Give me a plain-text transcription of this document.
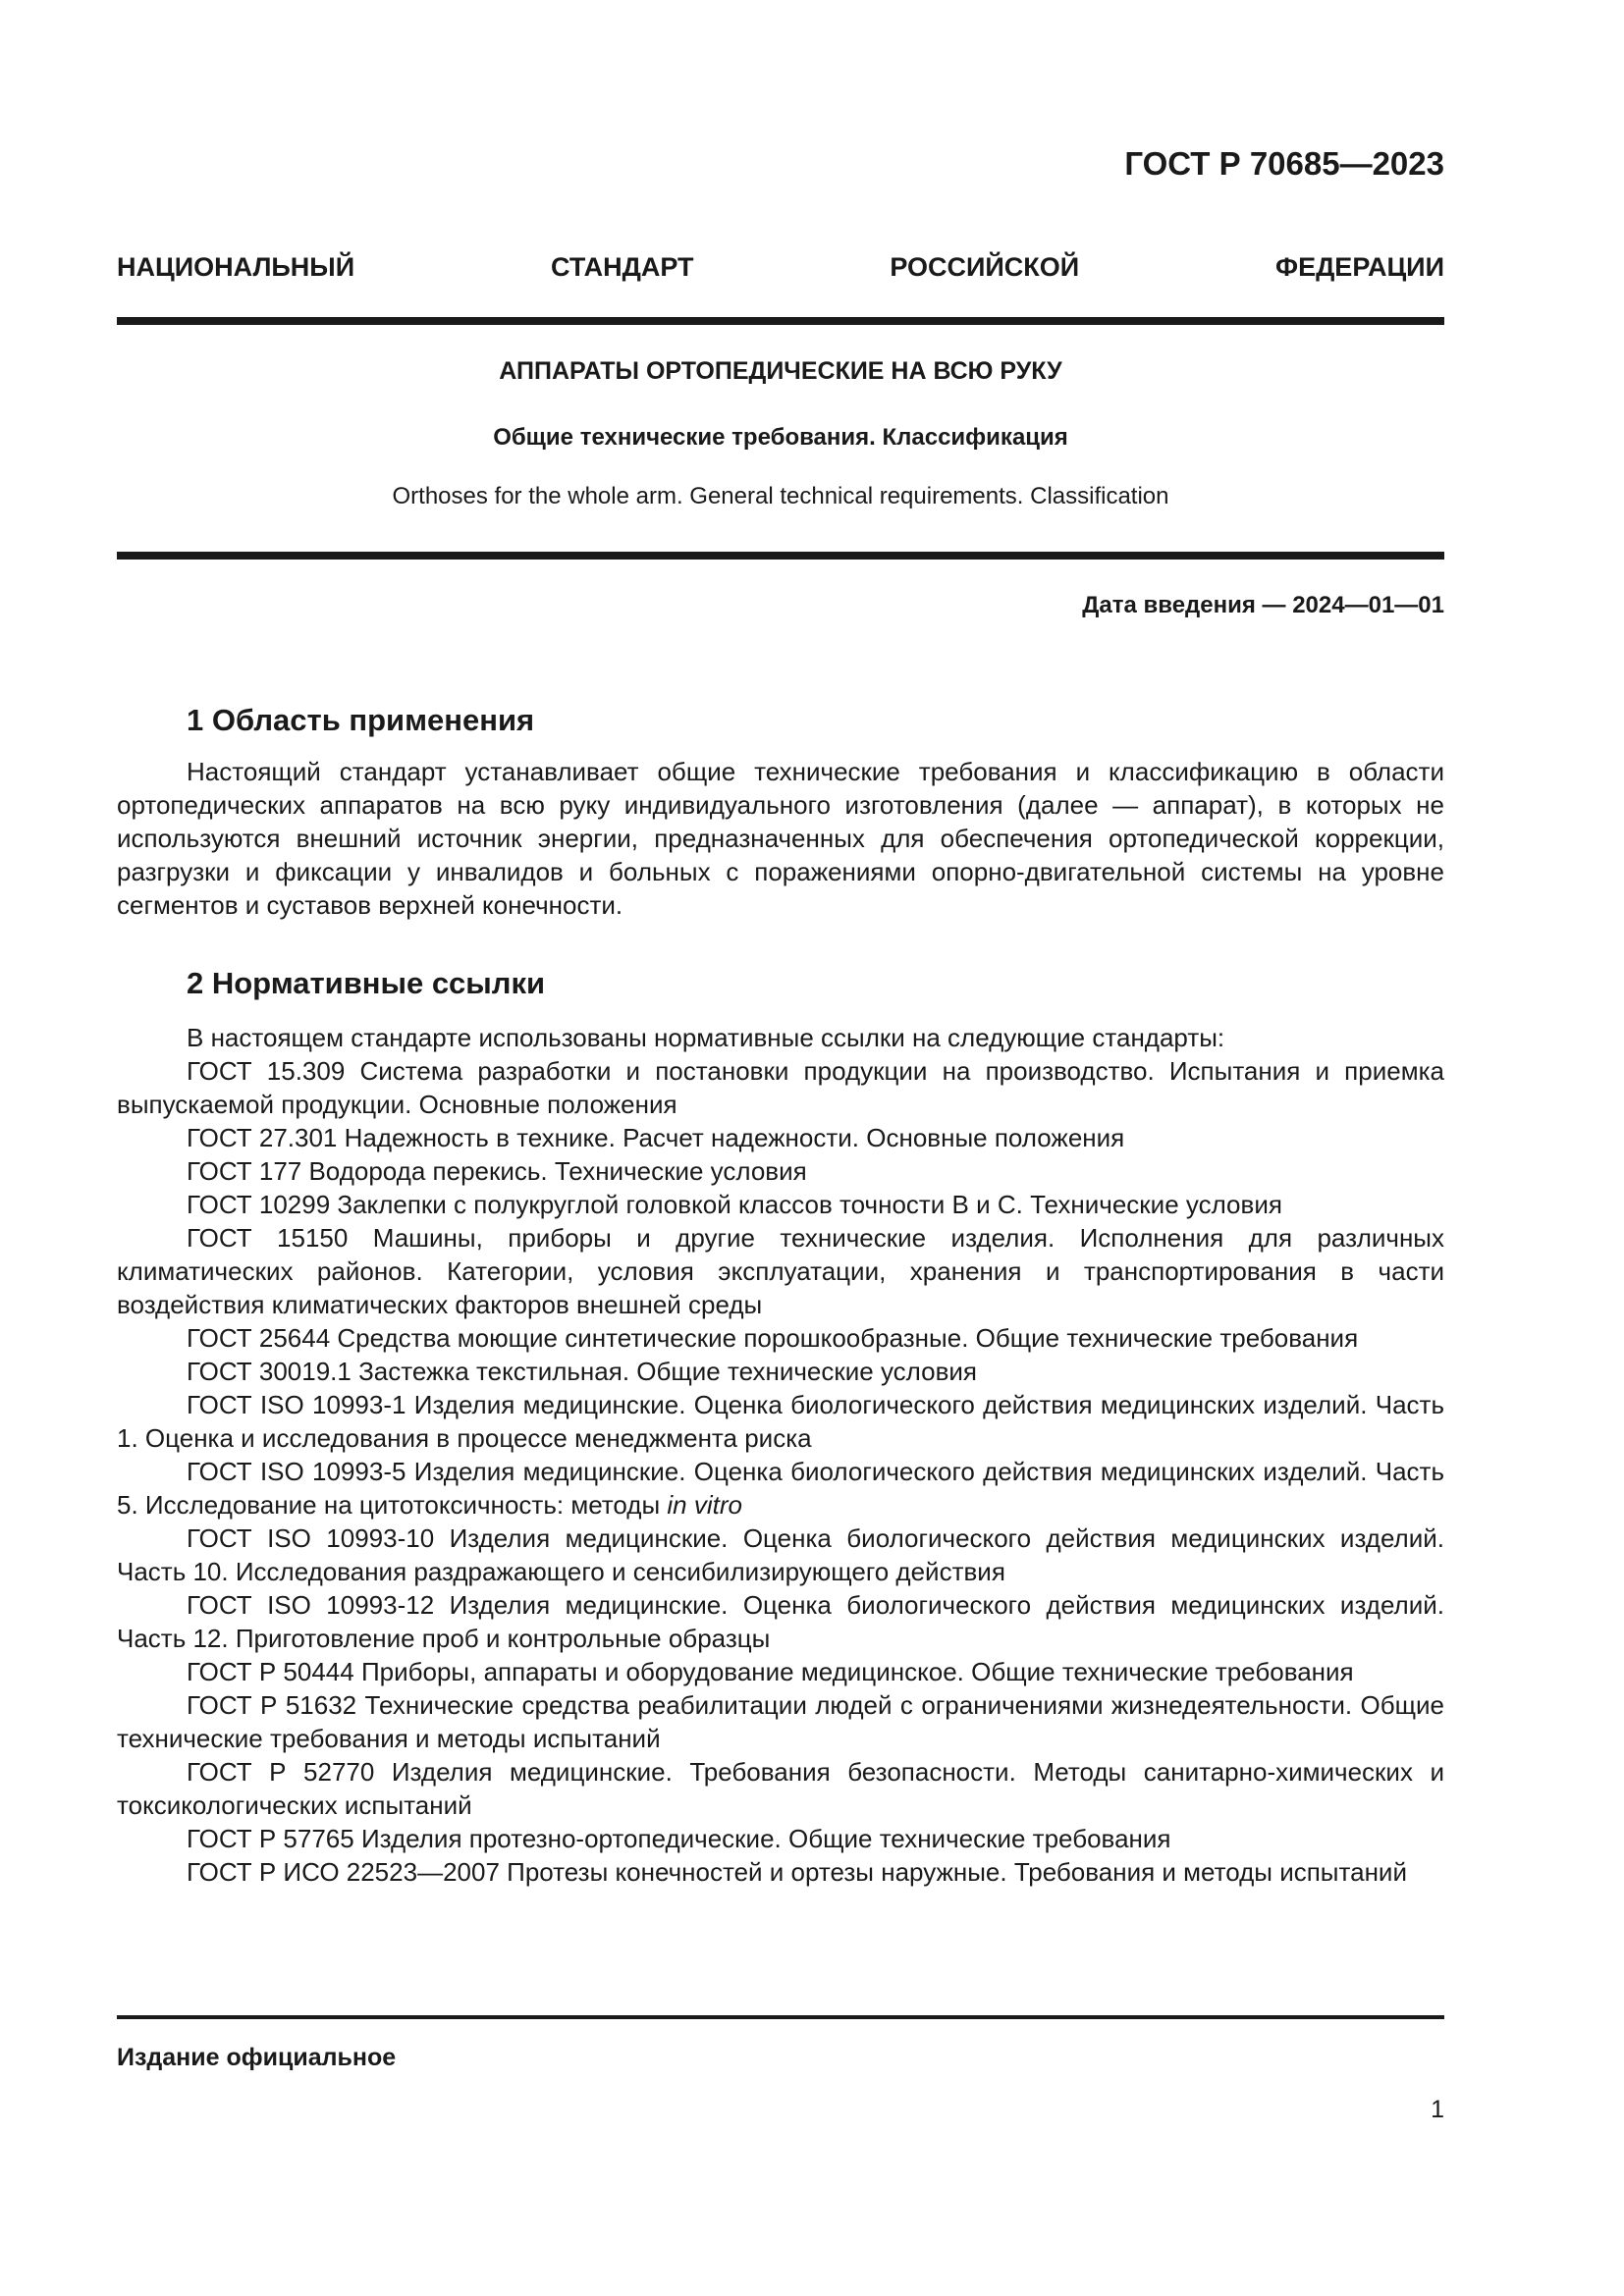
ГОСТ Р 70685—2023
НАЦИОНАЛЬНЫЙ СТАНДАРТ РОССИЙСКОЙ ФЕДЕРАЦИИ
АППАРАТЫ ОРТОПЕДИЧЕСКИЕ НА ВСЮ РУКУ
Общие технические требования. Классификация
Orthoses for the whole arm. General technical requirements. Classification
Дата введения — 2024—01—01
1 Область применения

Настоящий стандарт устанавливает общие технические требования и классификацию в области ортопедических аппаратов на всю руку индивидуального изготовления (далее — аппарат), в которых не используются внешний источник энергии, предназначенных для обеспечения ортопедической коррекции, разгрузки и фиксации у инвалидов и больных с поражениями опорно-двигательной системы на уровне сегментов и суставов верхней конечности.

2 Нормативные ссылки

В настоящем стандарте использованы нормативные ссылки на следующие стандарты:

ГОСТ 15.309 Система разработки и постановки продукции на производство. Испытания и приемка выпускаемой продукции. Основные положения

ГОСТ 27.301 Надежность в технике. Расчет надежности. Основные положения

ГОСТ 177 Водорода перекись. Технические условия

ГОСТ 10299 Заклепки с полукруглой головкой классов точности В и С. Технические условия

ГОСТ 15150 Машины, приборы и другие технические изделия. Исполнения для различных климатических районов. Категории, условия эксплуатации, хранения и транспортирования в части воздействия климатических факторов внешней среды

ГОСТ 25644 Средства моющие синтетические порошкообразные. Общие технические требования

ГОСТ 30019.1 Застежка текстильная. Общие технические условия

ГОСТ ISO 10993-1 Изделия медицинские. Оценка биологического действия медицинских изделий. Часть 1. Оценка и исследования в процессе менеджмента риска

ГОСТ ISO 10993-5 Изделия медицинские. Оценка биологического действия медицинских изделий. Часть 5. Исследование на цитотоксичность: методы in vitro

ГОСТ ISO 10993-10 Изделия медицинские. Оценка биологического действия медицинских изделий. Часть 10. Исследования раздражающего и сенсибилизирующего действия

ГОСТ ISO 10993-12 Изделия медицинские. Оценка биологического действия медицинских изделий. Часть 12. Приготовление проб и контрольные образцы

ГОСТ Р 50444 Приборы, аппараты и оборудование медицинское. Общие технические требования

ГОСТ Р 51632 Технические средства реабилитации людей с ограничениями жизнедеятельности. Общие технические требования и методы испытаний

ГОСТ Р 52770 Изделия медицинские. Требования безопасности. Методы санитарно-химических и токсикологических испытаний

ГОСТ Р 57765 Изделия протезно-ортопедические. Общие технические требования

ГОСТ Р ИСО 22523—2007 Протезы конечностей и ортезы наружные. Требования и методы испытаний

Издание официальное
1
